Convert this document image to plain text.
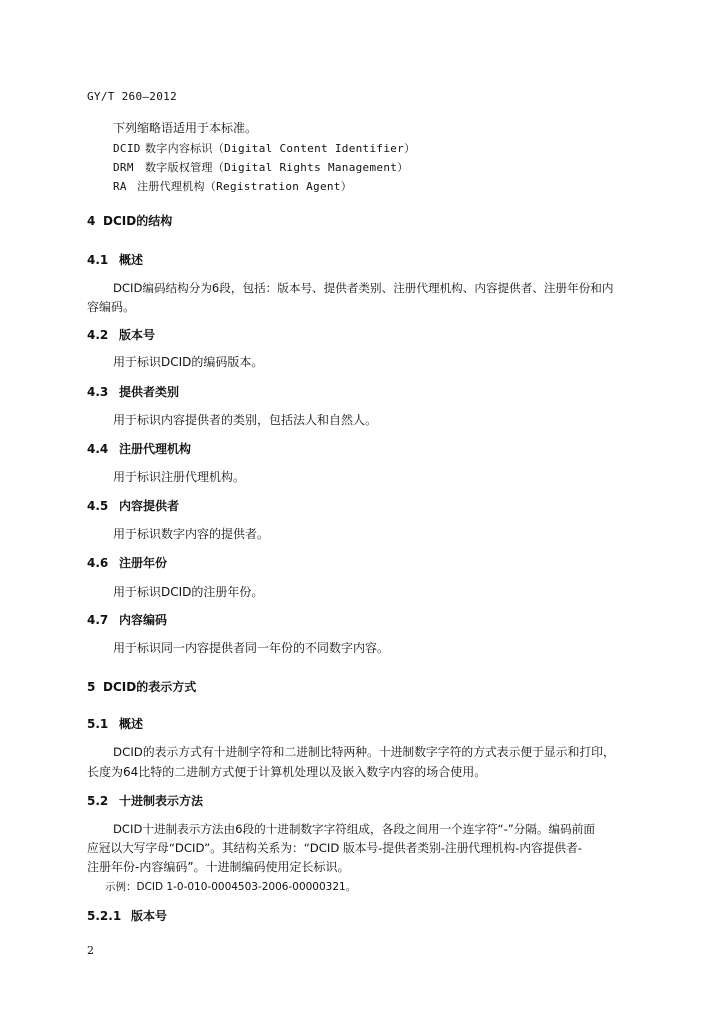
GY/T 260—2012
下列缩略语适用于本标准。
DCID 数字内容标识（Digital Content Identifier）
DRM 数字版权管理（Digital Rights Management）
RA 注册代理机构（Registration Agent）
4 DCID的结构
4.1 概述
DCID编码结构分为6段，包括：版本号、提供者类别、注册代理机构、内容提供者、注册年份和内
容编码。
4.2 版本号
用于标识DCID的编码版本。
4.3 提供者类别
用于标识内容提供者的类别，包括法人和自然人。
4.4 注册代理机构
用于标识注册代理机构。
4.5 内容提供者
用于标识数字内容的提供者。
4.6 注册年份
用于标识DCID的注册年份。
4.7 内容编码
用于标识同一内容提供者同一年份的不同数字内容。
5 DCID的表示方式
5.1 概述
DCID的表示方式有十进制字符和二进制比特两种。十进制数字字符的方式表示便于显示和打印，
长度为64比特的二进制方式便于计算机处理以及嵌入数字内容的场合使用。
5.2 十进制表示方法
DCID十进制表示方法由6段的十进制数字字符组成，各段之间用一个连字符“-”分隔。编码前面
应冠以大写字母“DCID”。其结构关系为：“DCID 版本号-提供者类别-注册代理机构-内容提供者-
注册年份-内容编码”。十进制编码使用定长标识。
示例：DCID 1-0-010-0004503-2006-00000321。
5.2.1 版本号
2
